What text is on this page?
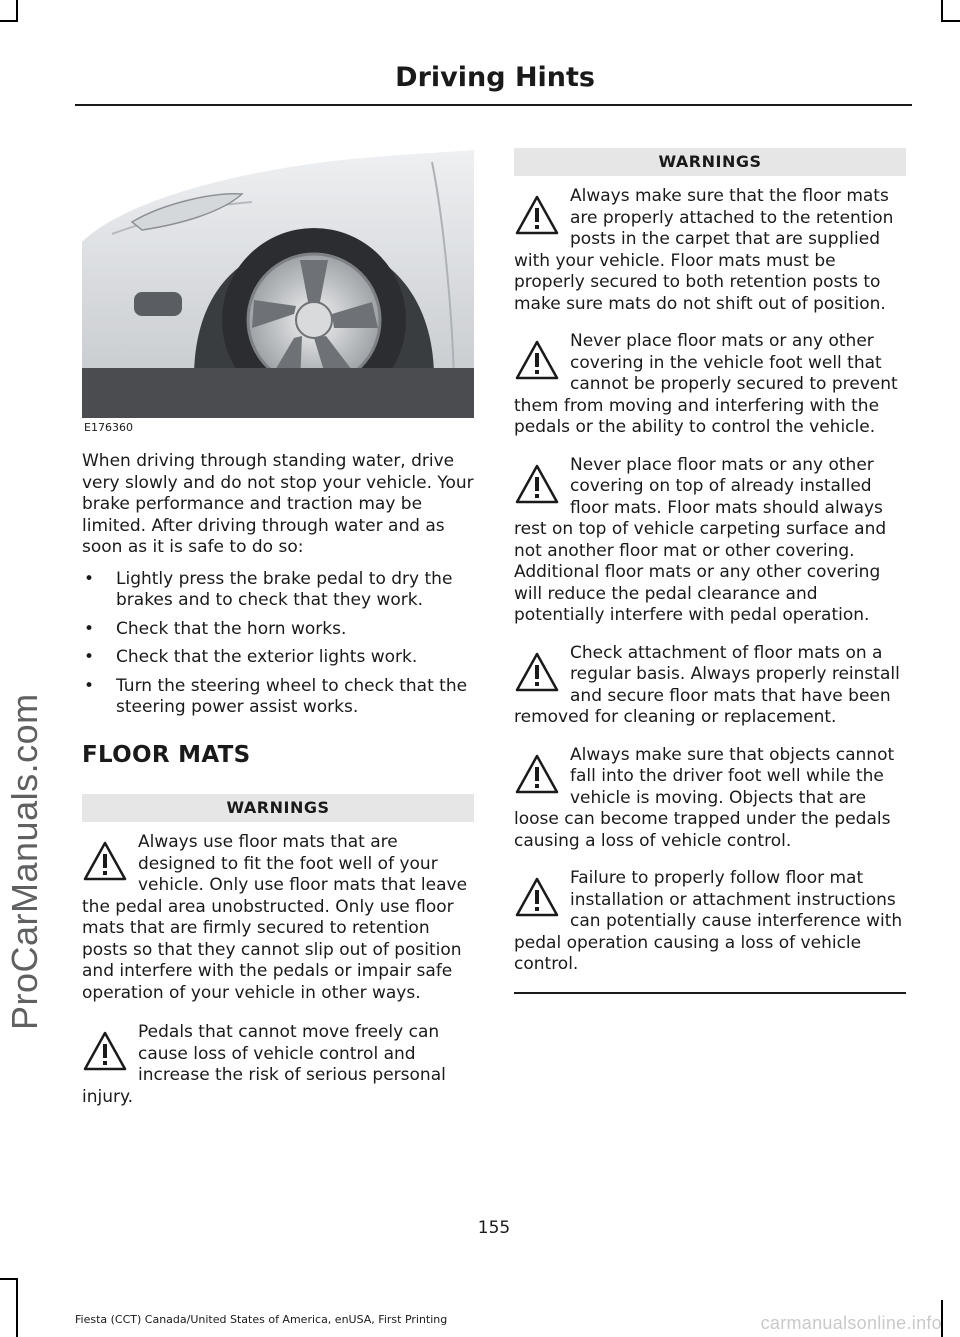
ProCarManuals.com
Driving Hints
E176360

When driving through standing water, drive very slowly and do not stop your vehicle. Your brake performance and traction may be limited. After driving through water and as soon as it is safe to do so:

• Lightly press the brake pedal to dry the brakes and to check that they work.
• Check that the horn works.
• Check that the exterior lights work.
• Turn the steering wheel to check that the steering power assist works.
FLOOR MATS
WARNINGS

Always use floor mats that are designed to fit the foot well of your vehicle. Only use floor mats that leave the pedal area unobstructed. Only use floor mats that are firmly secured to retention posts so that they cannot slip out of position and interfere with the pedals or impair safe operation of your vehicle in other ways.

Pedals that cannot move freely can cause loss of vehicle control and increase the risk of serious personal injury.

WARNINGS

Always make sure that the floor mats are properly attached to the retention posts in the carpet that are supplied with your vehicle. Floor mats must be properly secured to both retention posts to make sure mats do not shift out of position.

Never place floor mats or any other covering in the vehicle foot well that cannot be properly secured to prevent them from moving and interfering with the pedals or the ability to control the vehicle.

Never place floor mats or any other covering on top of already installed floor mats. Floor mats should always rest on top of vehicle carpeting surface and not another floor mat or other covering. Additional floor mats or any other covering will reduce the pedal clearance and potentially interfere with pedal operation.

Check attachment of floor mats on a regular basis. Always properly reinstall and secure floor mats that have been removed for cleaning or replacement.

Always make sure that objects cannot fall into the driver foot well while the vehicle is moving. Objects that are loose can become trapped under the pedals causing a loss of vehicle control.

Failure to properly follow floor mat installation or attachment instructions can potentially cause interference with pedal operation causing a loss of vehicle control.

155
Fiesta (CCT) Canada/United States of America, enUSA, First Printing	carmanualsonline.info
